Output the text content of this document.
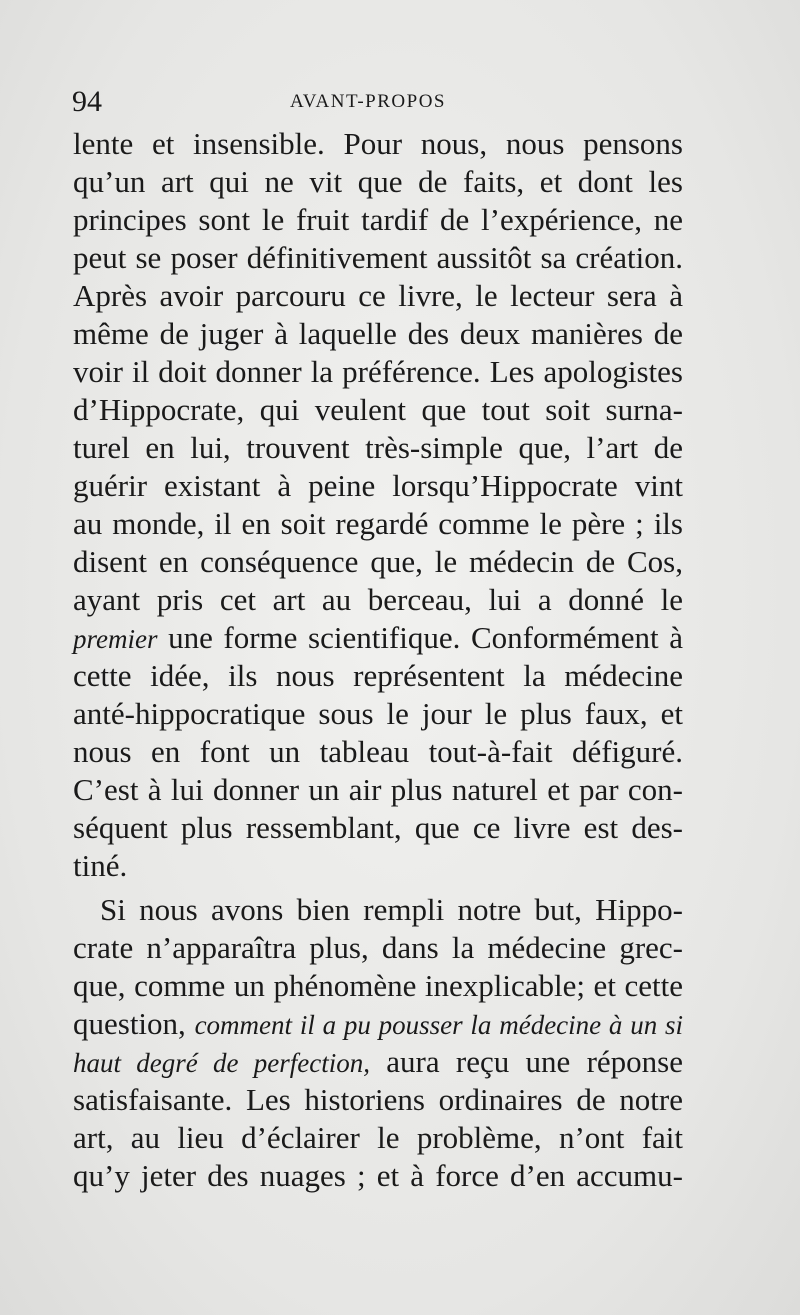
94	AVANT-PROPOS
lente et insensible. Pour nous, nous pensons
qu’un art qui ne vit que de faits, et dont les
principes sont le fruit tardif de l’expérience, ne
peut se poser définitivement aussitôt sa création.
Après avoir parcouru ce livre, le lecteur sera à
même de juger à laquelle des deux manières de
voir il doit donner la préférence. Les apologistes
d’Hippocrate, qui veulent que tout soit surna-
turel en lui, trouvent très-simple que, l’art de
guérir existant à peine lorsqu’Hippocrate vint
au monde, il en soit regardé comme le père ; ils
disent en conséquence que, le médecin de Cos,
ayant pris cet art au berceau, lui a donné le
premier une forme scientifique. Conformément à
cette idée, ils nous représentent la médecine
anté-hippocratique sous le jour le plus faux, et
nous en font un tableau tout-à-fait défiguré.
C’est à lui donner un air plus naturel et par con-
séquent plus ressemblant, que ce livre est des-
tiné.
Si nous avons bien rempli notre but, Hippo-
crate n’apparaîtra plus, dans la médecine grec-
que, comme un phénomène inexplicable; et cette
question, comment il a pu pousser la médecine à un si
haut degré de perfection, aura reçu une réponse
satisfaisante. Les historiens ordinaires de notre
art, au lieu d’éclairer le problème, n’ont fait
qu’y jeter des nuages ; et à force d’en accumu-
